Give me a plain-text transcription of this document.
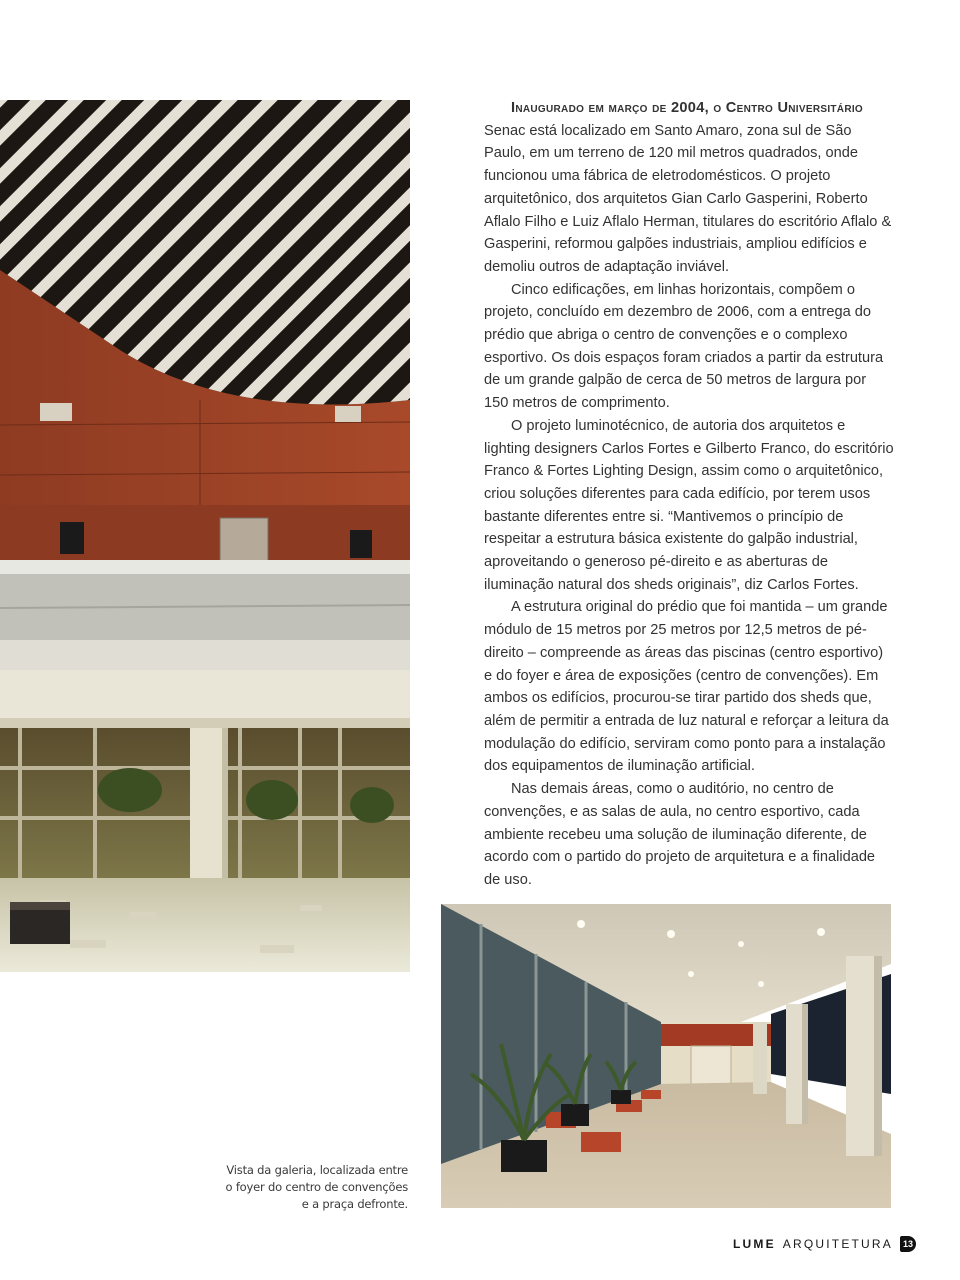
Inaugurado em março de 2004, o Centro Universitário Senac está localizado em Santo Amaro, zona sul de São Paulo, em um terreno de 120 mil metros quadrados, onde funcionou uma fábrica de eletrodomésticos. O projeto arquitetônico, dos arquitetos Gian Carlo Gasperini, Roberto Aflalo Filho e Luiz Aflalo Herman, titulares do escritório Aflalo & Gasperini, reformou galpões industriais, ampliou edifícios e demoliu outros de adaptação inviável.

Cinco edificações, em linhas horizontais, compõem o projeto, concluído em dezembro de 2006, com a entrega do prédio que abriga o centro de convenções e o complexo esportivo. Os dois espaços foram criados a partir da estrutura de um grande galpão de cerca de 50 metros de largura por 150 metros de comprimento.

O projeto luminotécnico, de autoria dos arquitetos e lighting designers Carlos Fortes e Gilberto Franco, do escritório Franco & Fortes Lighting Design, assim como o arquitetônico, criou soluções diferentes para cada edifício, por terem usos bastante diferentes entre si. “Mantivemos o princípio de respeitar a estrutura básica existente do galpão industrial, aproveitando o generoso pé-direito e as aberturas de iluminação natural dos sheds originais”, diz Carlos Fortes.

A estrutura original do prédio que foi mantida – um grande módulo de 15 metros por 25 metros por 12,5 metros de pé-direito – compreende as áreas das piscinas (centro esportivo) e do foyer e área de exposições (centro de convenções). Em ambos os edifícios, procurou-se tirar partido dos sheds que, além de permitir a entrada de luz natural e reforçar a leitura da modulação do edifício, serviram como ponto para a instalação dos equipamentos de iluminação artificial.

Nas demais áreas, como o auditório, no centro de convenções, e as salas de aula, no centro esportivo, cada ambiente recebeu uma solução de iluminação diferente, de acordo com o partido do projeto de arquitetura e a finalidade de uso.

Vista da galeria, localizada entre
o foyer do centro de convenções
e a praça defronte.
LUME ARQUITETURA	13
